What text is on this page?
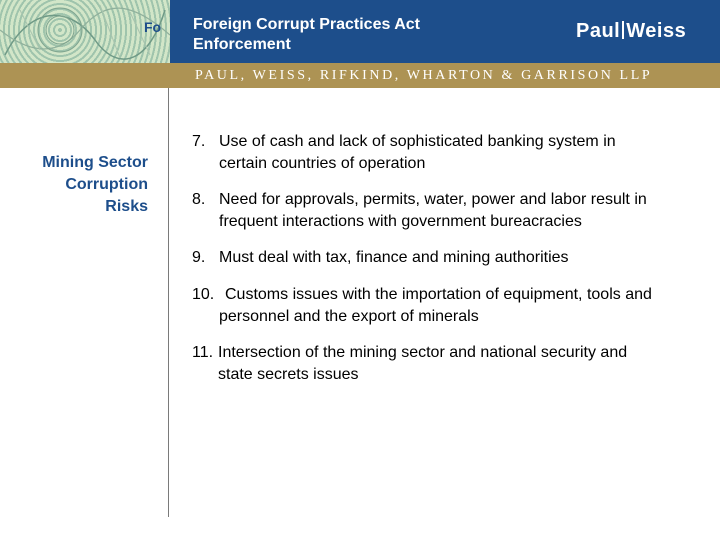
Fo Foreign Corrupt Practices Act
Enforcement
Paul Weiss
PAUL, WEISS, RIFKIND, WHARTON & GARRISON LLP
Mining Sector
Corruption
Risks
7. Use of cash and lack of sophisticated banking system in
certain countries of operation
8. Need for approvals, permits, water, power and labor result in
frequent interactions with government bureacracies
9. Must deal with tax, finance and mining authorities
10. Customs issues with the importation of equipment, tools and
personnel and the export of minerals
11. Intersection of the mining sector and national security and
state secrets issues
